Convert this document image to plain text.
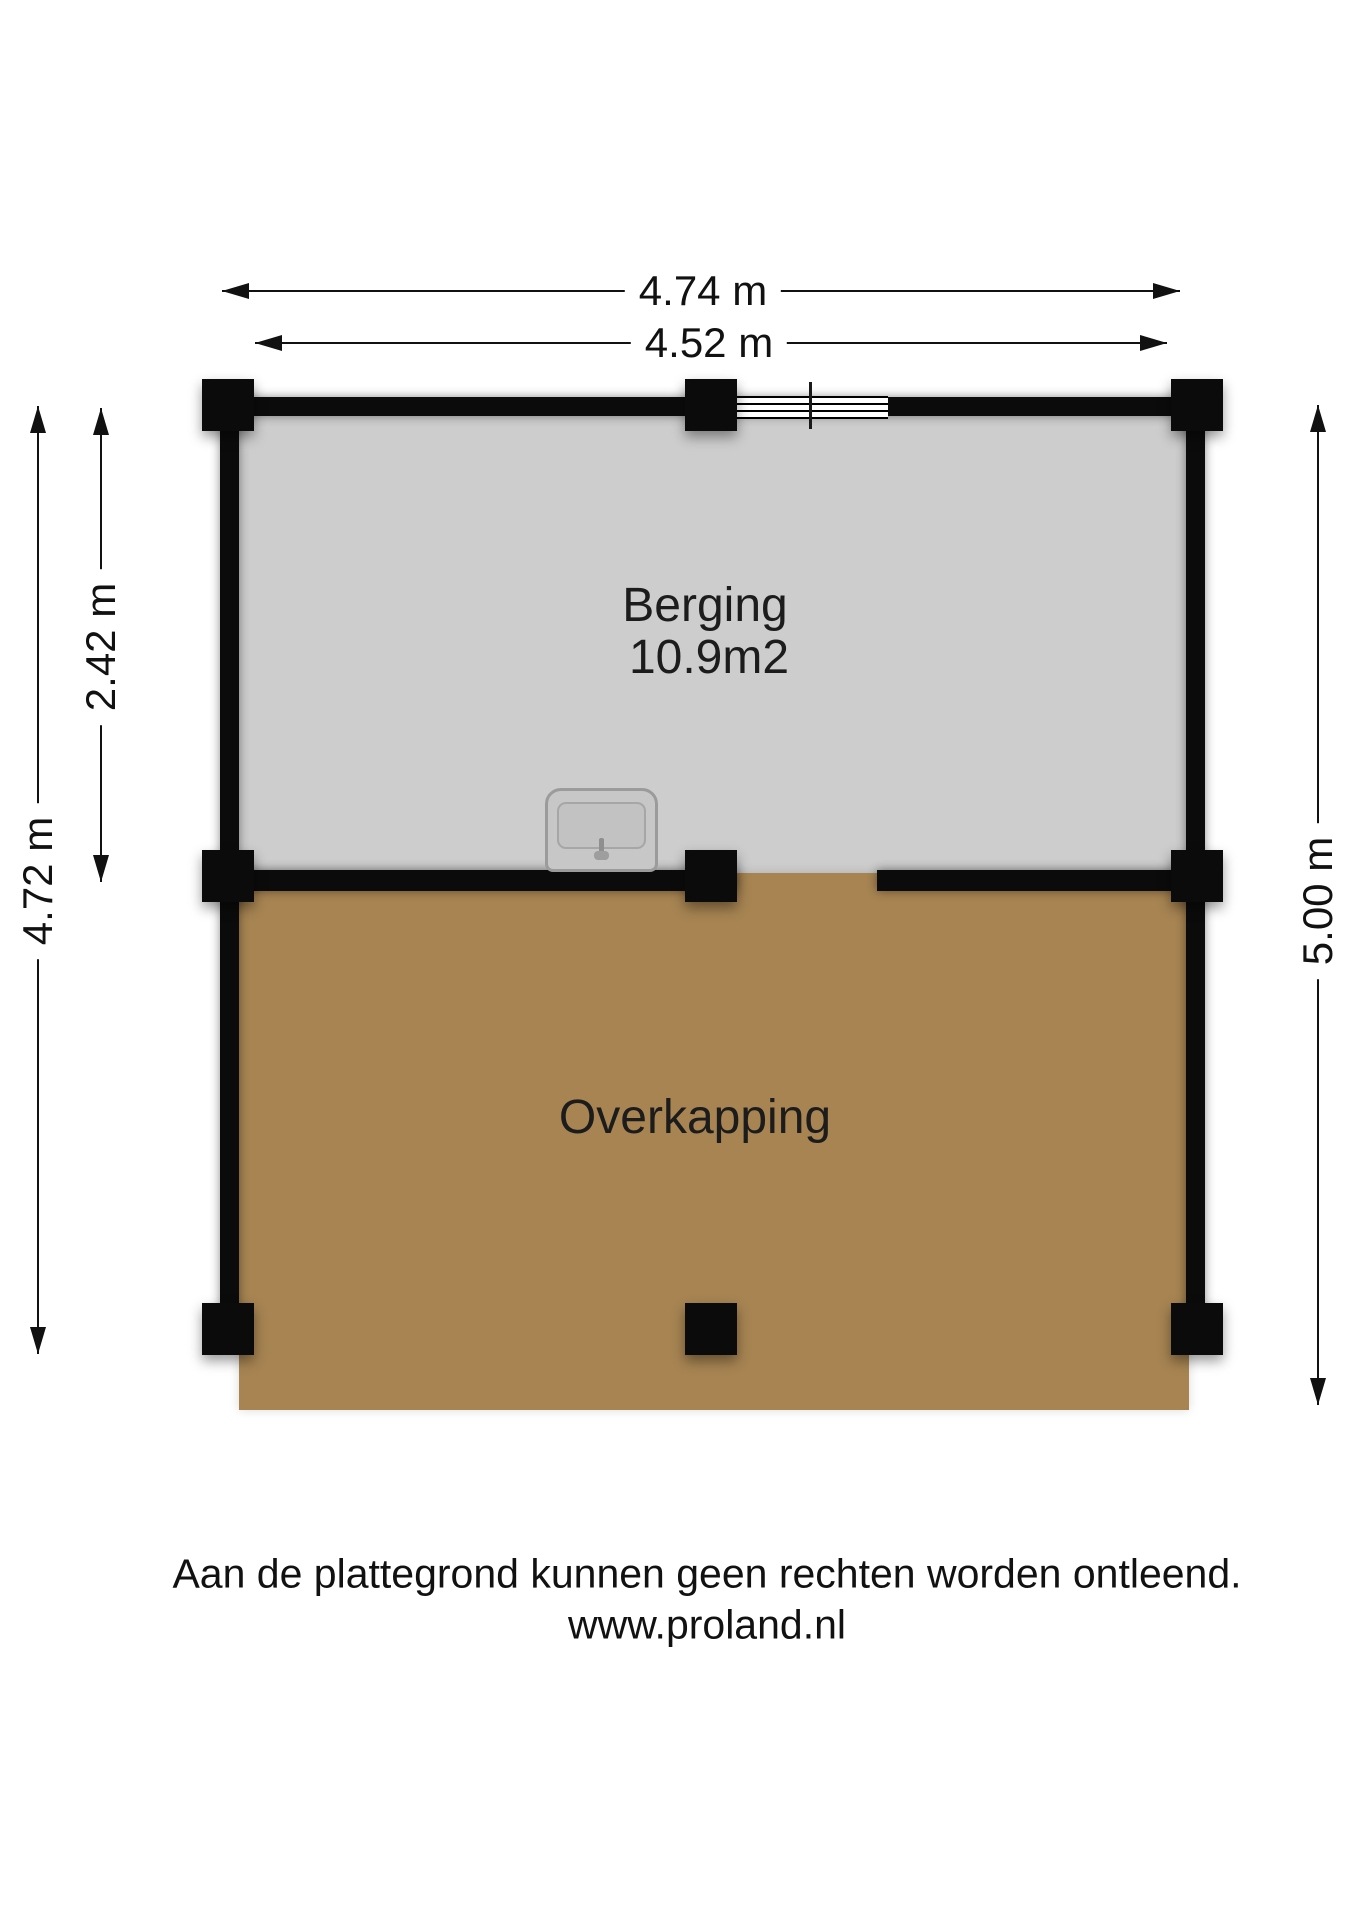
Berging
10.9m2
Overkapping
4.74 m
4.52 m
2.42 m
4.72 m	5.00 m
Aan de plattegrond kunnen geen rechten worden ontleend.
www.proland.nl
